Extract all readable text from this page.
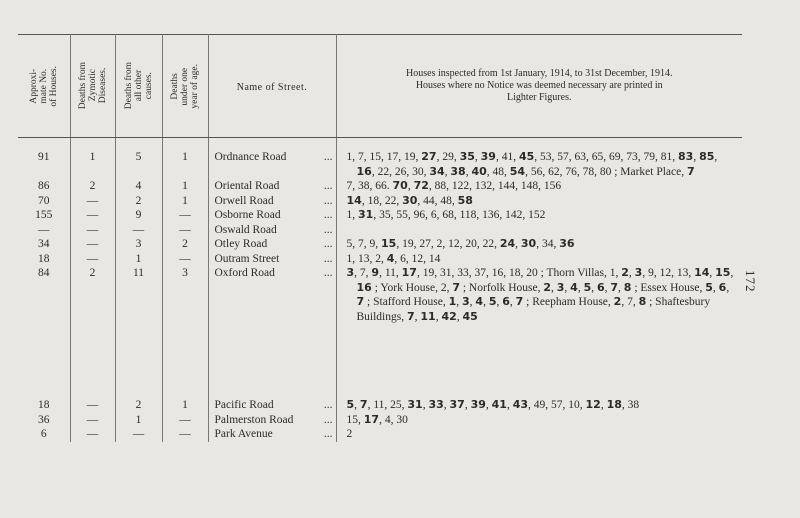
172
Approxi-
mate No.
of Houses.	Deaths from
Zymotic
Diseases.	Deaths from
all other
causes.	Deaths
under one
year of age.	Name of Street.	Houses inspected from 1st January, 1914, to 31st December, 1914.
Houses where no Notice was deemed necessary are printed in
Lighter Figures.

91	1	5	1	Ordnance Road ...	1, 7, 15, 17, 19, 27, 29, 35, 39, 41, 45, 53, 57, 63, 65, 69, 73, 79, 81, 83, 85, 16, 22, 26, 30, 34, 38, 40, 48, 54, 56, 62, 76, 78, 80 ; Market Place, 7

86	2	4	1	Oriental Road ...	7, 38, 66. 70, 72, 88, 122, 132, 144, 148, 156

70	—	2	1	Orwell Road ...	14, 18, 22, 30, 44, 48, 58

155	—	9	—	Osborne Road ...	1, 31, 35, 55, 96, 6, 68, 118, 136, 142, 152

—	—	—	—	Oswald Road ...	

34	—	3	2	Otley Road ...	5, 7, 9, 15, 19, 27, 2, 12, 20, 22, 24, 30, 34, 36

18	—	1	—	Outram Street ...	1, 13, 2, 4, 6, 12, 14

84	2	11	3	Oxford Road ...	3, 7, 9, 11, 17, 19, 31, 33, 37, 16, 18, 20 ; Thorn Villas, 1, 2, 3, 9, 12, 13, 14, 15, 16 ; York House, 2, 7 ; Norfolk House, 2, 3, 4, 5, 6, 7, 8 ; Essex House, 5, 6, 7 ; Stafford House, 1, 3, 4, 5, 6, 7 ; Reepham House, 2, 7, 8 ; Shaftesbury Buildings, 7, 11, 42, 45

18	—	2	1	Pacific Road ...	5, 7, 11, 25, 31, 33, 37, 39, 41, 43, 49, 57, 10, 12, 18, 38

36	—	1	—	Palmerston Road ...	15, 17, 4, 30

6	—	—	—	Park Avenue ...	2
